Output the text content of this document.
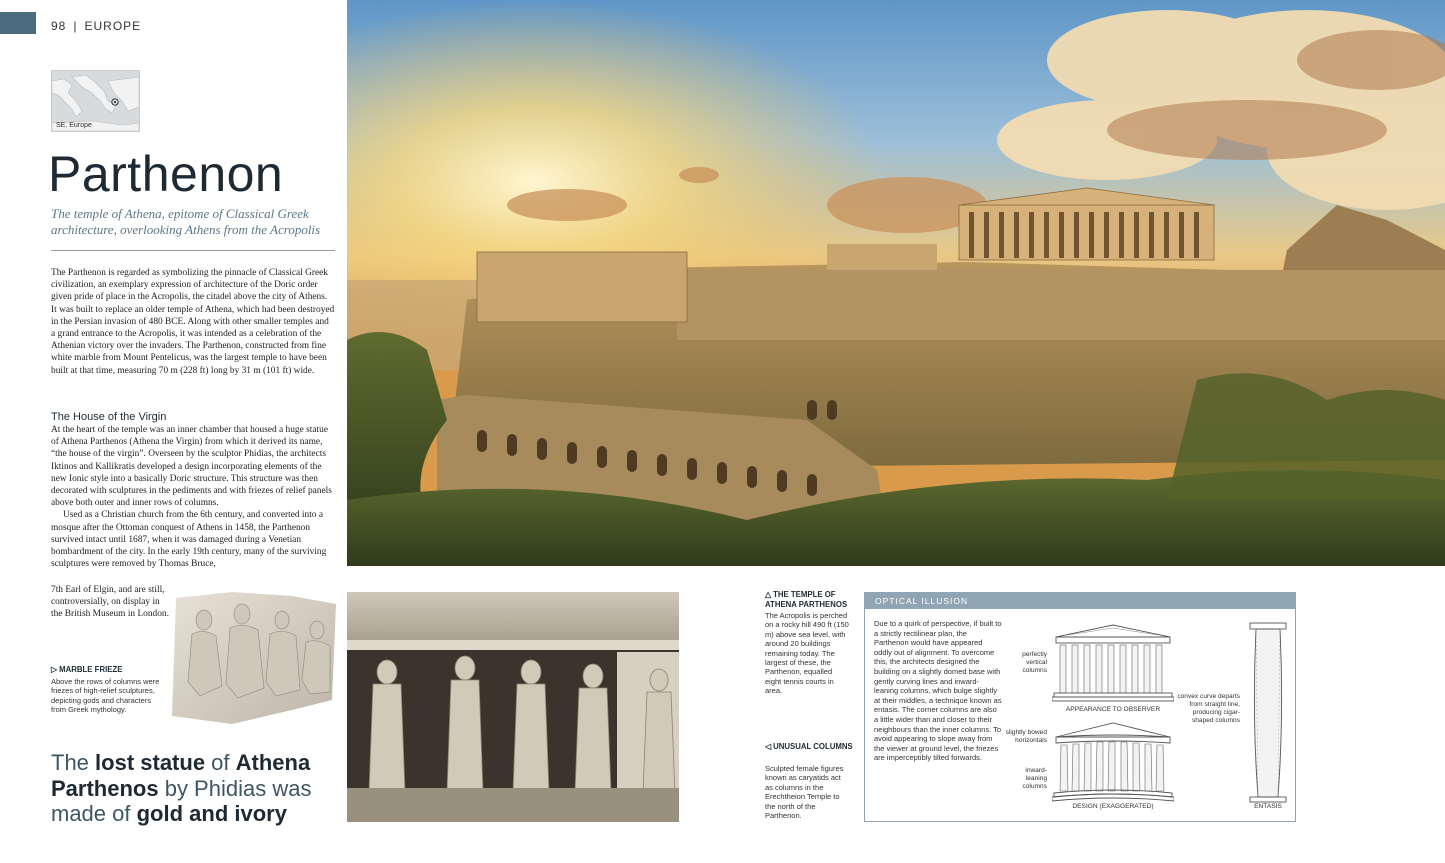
98 | EUROPE
SE. Europe
Parthenon
The temple of Athena, epitome of Classical Greek architecture, overlooking Athens from the Acropolis
The Parthenon is regarded as symbolizing the pinnacle of Classical Greek civilization, an exemplary expression of architecture of the Doric order given pride of place in the Acropolis, the citadel above the city of Athens. It was built to replace an older temple of Athena, which had been destroyed in the Persian invasion of 480 BCE. Along with other smaller temples and a grand entrance to the Acropolis, it was intended as a celebration of the Athenian victory over the invaders. The Parthenon, constructed from fine white marble from Mount Pentelicus, was the largest temple to have been built at that time, measuring 70 m (228 ft) long by 31 m (101 ft) wide.
The House of the Virgin
At the heart of the temple was an inner chamber that housed a huge statue of Athena Parthenos (Athena the Virgin) from which it derived its name, “the house of the virgin”. Overseen by the sculptor Phidias, the architects Iktinos and Kallikratis developed a design incorporating elements of the new Ionic style into a basically Doric structure. This structure was then decorated with sculptures in the pediments and with friezes of relief panels above both outer and inner rows of columns.
Used as a Christian church from the 6th century, and converted into a mosque after the Ottoman conquest of Athens in 1458, the Parthenon survived intact until 1687, when it was damaged during a Venetian bombardment of the city. In the early 19th century, many of the surviving sculptures were removed by Thomas Bruce,
7th Earl of Elgin, and are still, controversially, on display in the British Museum in London.
▷ MARBLE FRIEZE
Above the rows of columns were friezes of high-relief sculptures, depicting gods and characters from Greek mythology.
The lost statue of Athena Parthenos by Phidias was made of gold and ivory
△ THE TEMPLE OF ATHENA PARTHENOS
The Acropolis is perched on a rocky hill 490 ft (150 m) above sea level, with around 20 buildings remaining today. The largest of these, the Parthenon, equalled eight tennis courts in area.
◁ UNUSUAL COLUMNS
Sculpted female figures known as caryatids act as columns in the Erechtheion Temple to the north of the Parthenon.
OPTICAL ILLUSION
Due to a quirk of perspective, if built to a strictly rectilinear plan, the Parthenon would have appeared oddly out of alignment. To overcome this, the architects designed the building on a slightly domed base with gently curving lines and inward-leaning columns, which bulge slightly at their middles, a technique known as entasis. The corner columns are also a little wider than and closer to their neighbours than the inner columns. To avoid appearing to slope away from the viewer at ground level, the friezes are imperceptibly tilted forwards.
perfectly vertical columns
APPEARANCE TO OBSERVER
slightly bowed horizontals
inward-leaning columns
DESIGN (EXAGGERATED)
convex curve departs from straight line, producing cigar-shaped columns
ENTASIS
